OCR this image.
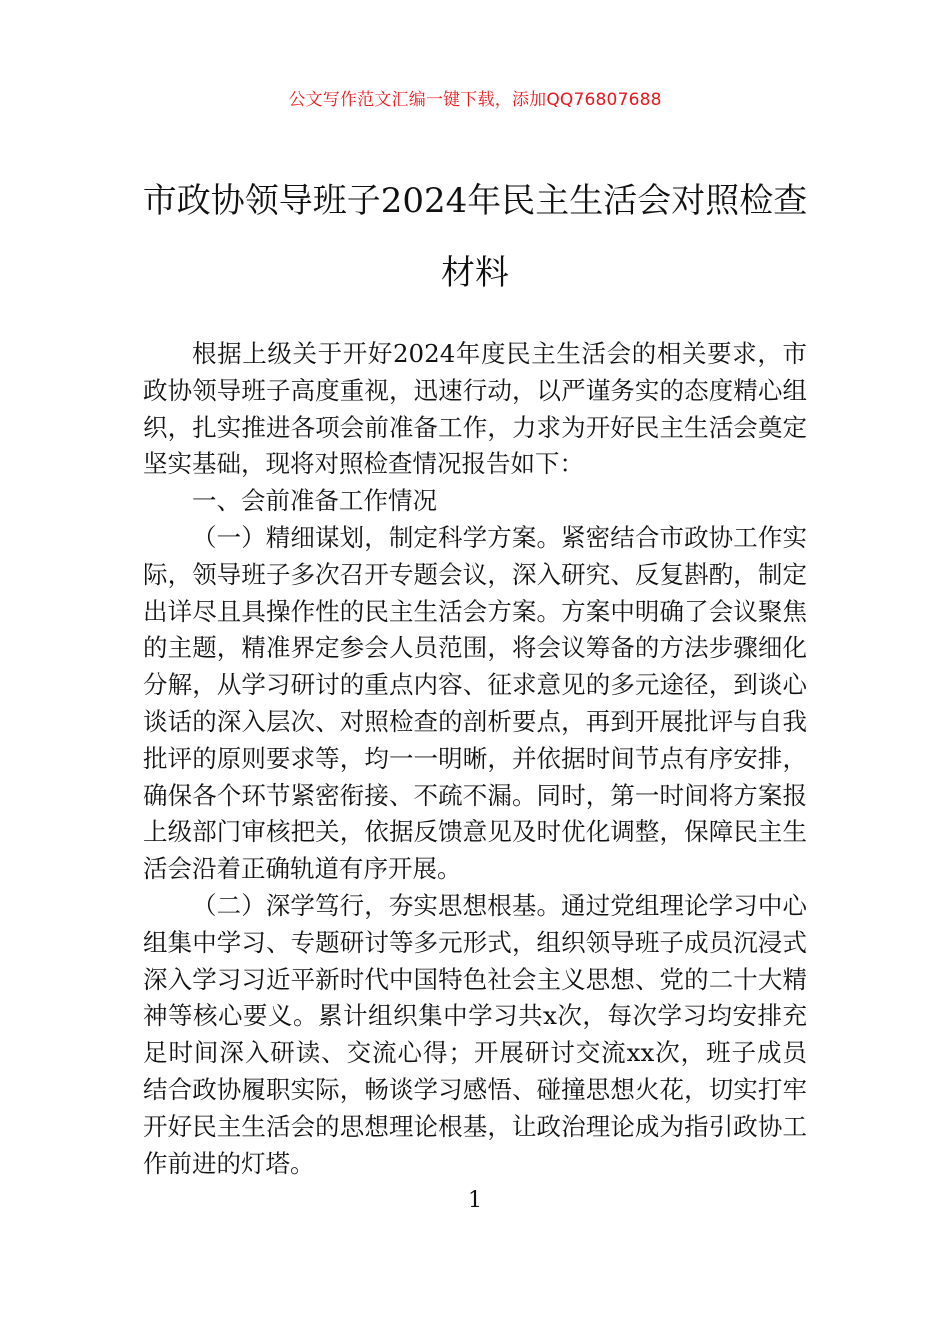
公文写作范文汇编一键下载，添加QQ76807688
市政协领导班子2024年民主生活会对照检查材料

根据上级关于开好2024年度民主生活会的相关要求，市政协领导班子高度重视，迅速行动，以严谨务实的态度精心组织，扎实推进各项会前准备工作，力求为开好民主生活会奠定坚实基础，现将对照检查情况报告如下：

一、会前准备工作情况

（一）精细谋划，制定科学方案。紧密结合市政协工作实际，领导班子多次召开专题会议，深入研究、反复斟酌，制定出详尽且具操作性的民主生活会方案。方案中明确了会议聚焦的主题，精准界定参会人员范围，将会议筹备的方法步骤细化分解，从学习研讨的重点内容、征求意见的多元途径，到谈心谈话的深入层次、对照检查的剖析要点，再到开展批评与自我批评的原则要求等，均一一明晰，并依据时间节点有序安排，确保各个环节紧密衔接、不疏不漏。同时，第一时间将方案报上级部门审核把关，依据反馈意见及时优化调整，保障民主生活会沿着正确轨道有序开展。

（二）深学笃行，夯实思想根基。通过党组理论学习中心组集中学习、专题研讨等多元形式，组织领导班子成员沉浸式深入学习习近平新时代中国特色社会主义思想、党的二十大精神等核心要义。累计组织集中学习共x次，每次学习均安排充足时间深入研读、交流心得；开展研讨交流xx次，班子成员结合政协履职实际，畅谈学习感悟、碰撞思想火花，切实打牢开好民主生活会的思想理论根基，让政治理论成为指引政协工作前进的灯塔。

1
